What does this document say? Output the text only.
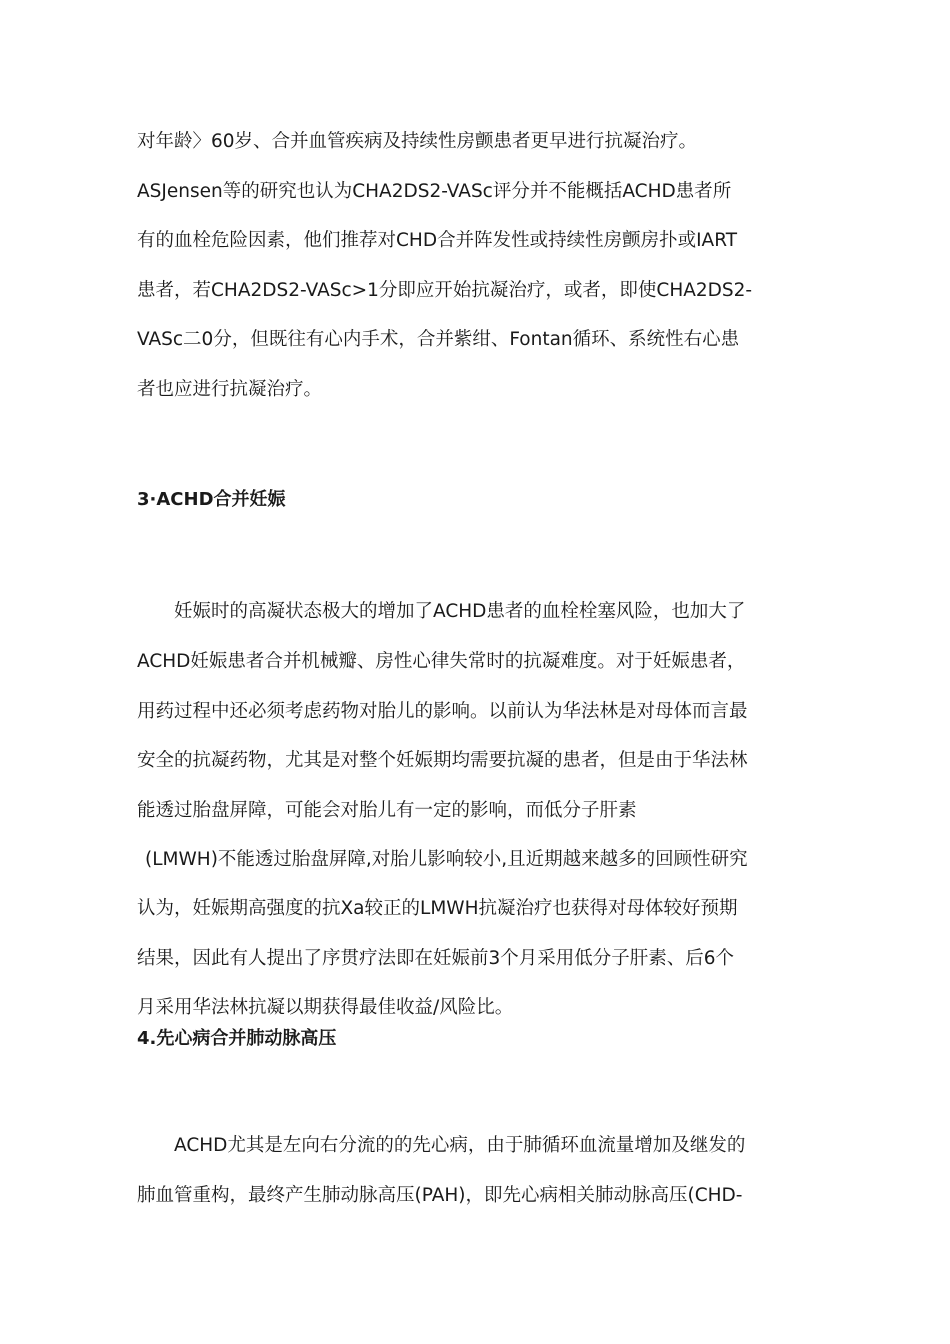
对年龄〉60岁、合并血管疾病及持续性房颤患者更早进行抗凝治疗。
ASJensen等的研究也认为CHA2DS2-VASc评分并不能概括ACHD患者所
有的血栓危险因素，他们推荐对CHD合并阵发性或持续性房颤房扑或IART
患者，若CHA2DS2-VASc>1分即应开始抗凝治疗，或者，即使CHA2DS2-
VASc二0分，但既往有心内手术，合并紫绀、Fontan循环、系统性右心患
者也应进行抗凝治疗。
3·ACHD合并妊娠
妊娠时的高凝状态极大的增加了ACHD患者的血栓栓塞风险，也加大了
ACHD妊娠患者合并机械瓣、房性心律失常时的抗凝难度。对于妊娠患者，
用药过程中还必须考虑药物对胎儿的影响。以前认为华法林是对母体而言最
安全的抗凝药物，尤其是对整个妊娠期均需要抗凝的患者，但是由于华法林
能透过胎盘屏障，可能会对胎儿有一定的影响，而低分子肝素
(LMWH)不能透过胎盘屏障,对胎儿影响较小,且近期越来越多的回顾性研究
认为，妊娠期高强度的抗Xa较正的LMWH抗凝治疗也获得对母体较好预期
结果，因此有人提出了序贯疗法即在妊娠前3个月采用低分子肝素、后6个
月采用华法林抗凝以期获得最佳收益/风险比。
4.先心病合并肺动脉高压
ACHD尤其是左向右分流的的先心病，由于肺循环血流量增加及继发的
肺血管重构，最终产生肺动脉高压(PAH)，即先心病相关肺动脉高压(CHD-
